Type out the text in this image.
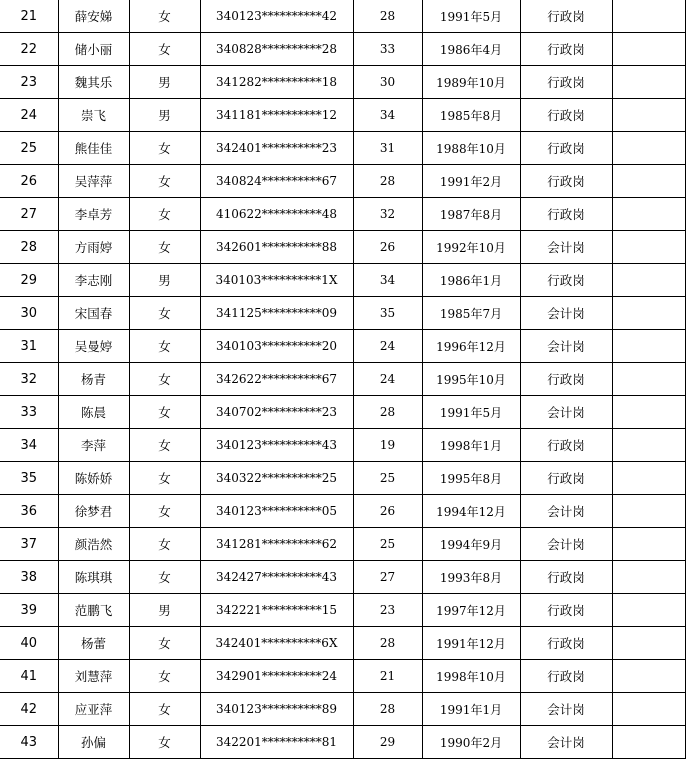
21	薛安娣	女	340123**********42	28	1991年5月	行政岗	
22	储小丽	女	340828**********28	33	1986年4月	行政岗	
23	魏其乐	男	341282**********18	30	1989年10月	行政岗	
24	崇飞	男	341181**********12	34	1985年8月	行政岗	
25	熊佳佳	女	342401**********23	31	1988年10月	行政岗	
26	吴萍萍	女	340824**********67	28	1991年2月	行政岗	
27	李卓芳	女	410622**********48	32	1987年8月	行政岗	
28	方雨婷	女	342601**********88	26	1992年10月	会计岗	
29	李志刚	男	340103**********1X	34	1986年1月	行政岗	
30	宋国春	女	341125**********09	35	1985年7月	会计岗	
31	吴曼婷	女	340103**********20	24	1996年12月	会计岗	
32	杨青	女	342622**********67	24	1995年10月	行政岗	
33	陈晨	女	340702**********23	28	1991年5月	会计岗	
34	李萍	女	340123**********43	19	1998年1月	行政岗	
35	陈娇娇	女	340322**********25	25	1995年8月	行政岗	
36	徐梦君	女	340123**********05	26	1994年12月	会计岗	
37	颜浩然	女	341281**********62	25	1994年9月	会计岗	
38	陈琪琪	女	342427**********43	27	1993年8月	行政岗	
39	范鹏飞	男	342221**********15	23	1997年12月	行政岗	
40	杨蕾	女	342401**********6X	28	1991年12月	行政岗	
41	刘慧萍	女	342901**********24	21	1998年10月	行政岗	
42	应亚萍	女	340123**********89	28	1991年1月	会计岗	
43	孙偏	女	342201**********81	29	1990年2月	会计岗	
